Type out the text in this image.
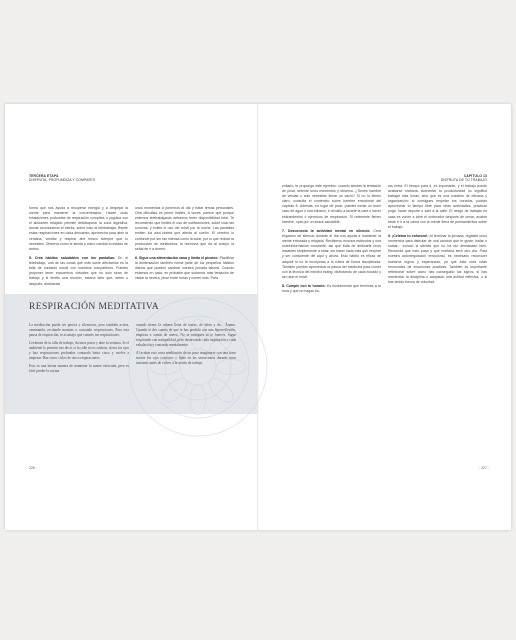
TERCERA ETAPA
DISFRUTA, PROFUNDIZA Y COMPARTE

forma que nos ayuda a recuperar energía y a despejar la mente para mantener la concentración. Hacen unas inhalaciones profundas de respiración completa o yóguica con el abdomen relajado permite desbloquear la zona digestiva, donde acumulamos el estrés, sobre todo al teletrabajar. Repite estas respiraciones en cada descanso; aprovecha para abrir la ventana, ventilar y respirar aire fresco siempre que lo necesites. Observa cómo te sienta y cómo cambia tu estado de ánimo.

5. Crea hábitos saludables con las pantallas: En el teletrabajo, una de las cosas que más suele afectarnos es la falta de contacto social con nuestros compañeros. Puedes proponer tener encuentros virtuales que no solo sean de trabajo y si tenéis una reunión, estaría bien que, antes o después, dedicarais

unos momentos a ponernos al día y tratar temas personales. Otra dificultad es poner límites. A veces, parece que porque estemos teletrabajando debamos tener disponibilidad total. Te recomiendo que limites el uso de notificaciones, sobre todo las sonoras, y evites el uso del móvil por la noche. Las pantallas emiten luz azul-violeta que afecta al sueño. El cerebro lo confunde por ser tan intensa como la solar, por lo que reduce la producción de melatonina, la hormona que da al cuerpo la señal de ir a dormir.

6. Sigue una alimentación sana y limita el picoteo: Planificar la alimentación también forma parte de los pequeños hábitos diarios que pueden cambiar nuestra jornada laboral. Cuando estamos en casa, es probable que sintamos más tentación de visitar la nevera, picar entre horas y comer más. Para

RESPIRACIÓN MEDITATIVA

La meditación puede ser pasiva y silenciosa, pero también activa, caminando, recitando mantras o contando respiraciones. Para esta pausa de respiración, te aconsejo que cuentes tus respiraciones.

Levántate de tu silla de trabajo, da unos pasos y abre la ventana. Si el ambiente lo permite tres decir, si la calle no es ruidosa, cierra los ojos y haz respiraciones profundas contando hasta cinco y vuelve a empezar. Haz cinco ciclos de cinco respiraciones.

Esto es una buena manera de mantener la mente enfocada, pero es fácil perder la cuenta

cuando tienes la cabeza llena de tareas, de ideas y de... Ánimo. Cuando te des cuenta de que te has perdido con una hiperreflexión, empieza a contar de nuevo. No te castigues ni te fuerces. Sigue respirando con tranquilidad, pero observando cada inspiración y cada exhalación y contando mentalmente.

Al acabar esta corta meditación de un paso imaginario con una frase motriz los ojos correctos y fíjate en las sensaciones durante unos instantes antes de volver a la sesión de trabajo.

· 226 ·
CAPÍTULO 13
DISFRUTA DE TU TRABAJO

evitarlo, te propongo este ejercicio: cuando sientas la tentación de picar, detente unos momentos y observa. ¿Tienes hambre de verdad o sólo necesitas llenar un vacío? Si no lo tienes claro, consulta el contenido sobre hambre emocional del capítulo 8. Además, en lugar de picar, puedes tomar un buen vaso de agua o una infusión, ir al baño a lavarte la cara o hacer estiramientos o ejercicios de respiración. Si realmente tienes hambre, opta por un snack saludable.

7. Desconecta la actividad mental en silencio: Crea espacios de silencio durante el día nos ayuda a mantener la mente enfocada y relajada. Recibimos muchos estímulos y una sobreinformación constante, así que trata de dedicarte unos instantes simplemente a estar, sin hacer nada más que respirar y ser consciente del aquí y ahora. Esto hábito es eficaz de adquirir si no te incorporas a tu rutina de forma disciplinada. También puedes aprovechar la pausa del mediodía para comer con la técnica del mindful eating: disfrutando de cada bocado y sin usar el móvil.

8. Cumple con tu horario: Es fundamental que termines a tu hora y que no hagas ho-

ras extra. El tiempo para ti, es importante, y el trabajo puede acabarse mañana. Aumentar tu productividad no significa trabajar más horas, sino que es una cuestión de eficacia y organización: si consigues respetar tus horarios, podrás aprovechar tu tiempo libre para otras actividades, practicar yoga, hacer deporte o salir a la calle. El riesgo de trabajar en casa es volver a abrir el ordenador después de cenar, acabar tarde e ir a la cama con la mente llena de pensamientos sobre el trabajo.

9. ¡Celebra tu esfuerzo!: Al terminar la jornada, regálate unos momentos para disfrutar de una canción que te guste, bailar o cantar... incluso si sientes que no ha ido demasiado bien. Recuerda que todo pasa y que mañana será otro día. Para nuestra autorregulación emocional, es necesario reconocer nuestros logros y esperanzas, ya que éste crea rutas neuronales de emociones positivas. También es importante reflexionar sobre cómo has conseguido tus logros, si has mantenido la disciplina o adoptado una actitud reflexiva, o si has tenido fuerza de voluntad.

· 227 ·
